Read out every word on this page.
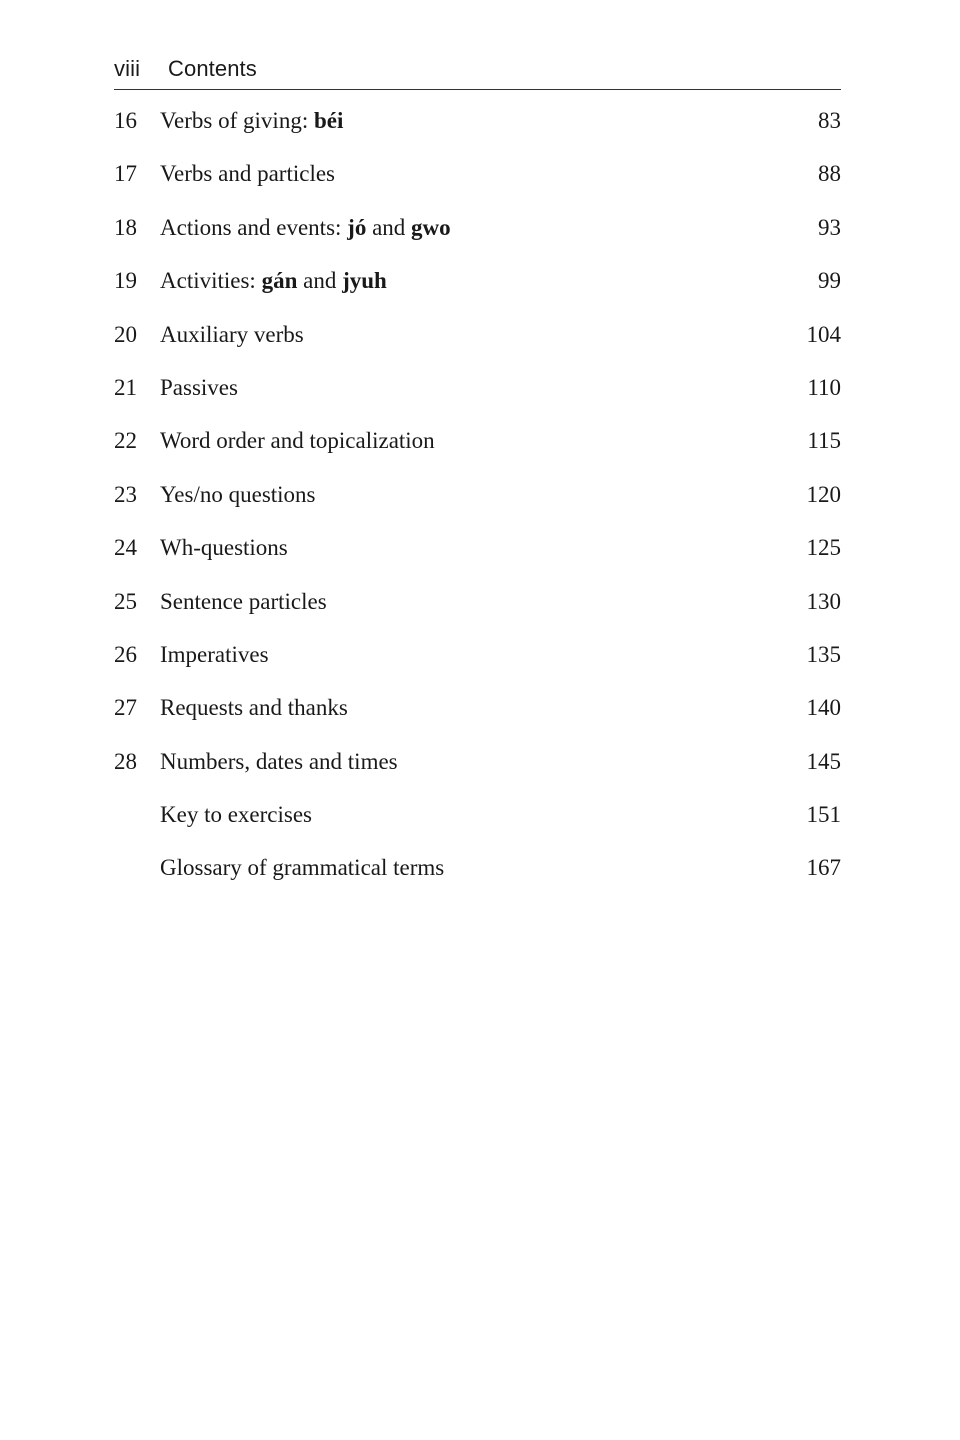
viii	Contents
16	Verbs of giving: béi	83
17	Verbs and particles	88
18	Actions and events: jó and gwo	93
19	Activities: gán and jyuh	99
20	Auxiliary verbs	104
21	Passives	110
22	Word order and topicalization	115
23	Yes/no questions	120
24	Wh-questions	125
25	Sentence particles	130
26	Imperatives	135
27	Requests and thanks	140
28	Numbers, dates and times	145
Key to exercises	151
Glossary of grammatical terms	167
